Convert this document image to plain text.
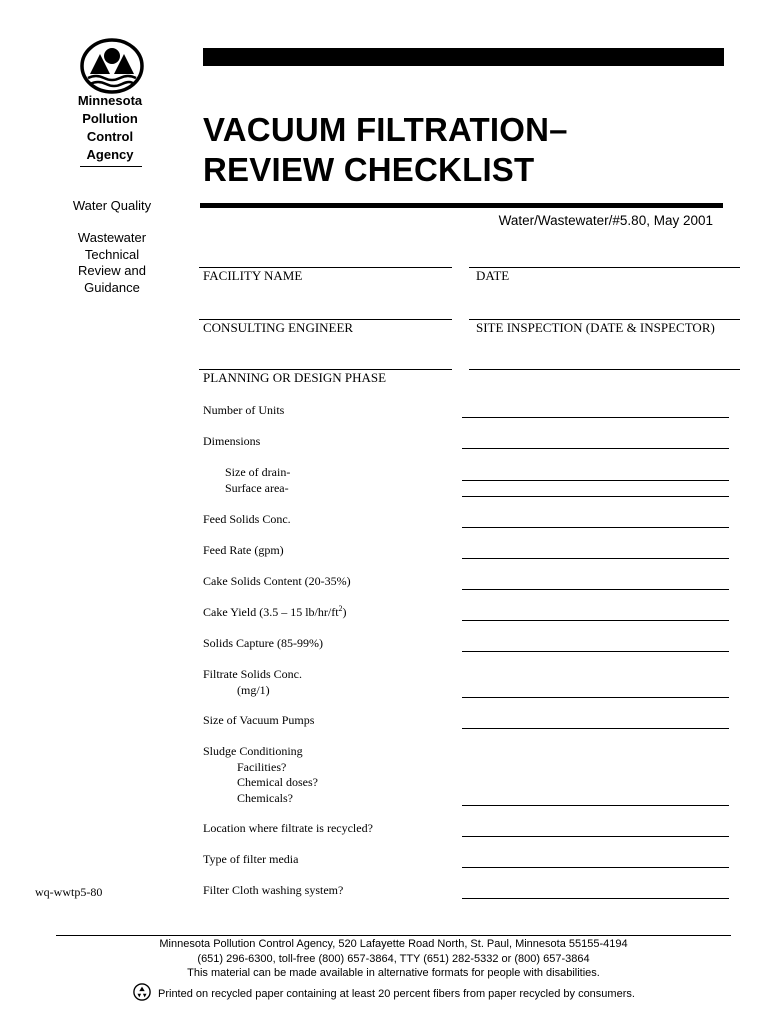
Minnesota
Pollution
Control
Agency
Water Quality
Wastewater
Technical
Review and
Guidance
wq-wwtp5-80
VACUUM FILTRATION–
REVIEW CHECKLIST
Water/Wastewater/#5.80, May 2001
FACILITY NAME	DATE
CONSULTING ENGINEER	SITE INSPECTION (DATE & INSPECTOR)
PLANNING OR DESIGN PHASE
Number of Units
Dimensions
Size of drain-
Surface area-
Feed Solids Conc.
Feed Rate (gpm)
Cake Solids Content (20-35%)
Cake Yield (3.5 – 15 $lb/hr/ft^2$)
Solids Capture (85-99%)
Filtrate Solids Conc.
(mg/1)
Size of Vacuum Pumps
Sludge Conditioning
Facilities?
Chemical doses?
Chemicals?
Location where filtrate is recycled?
Type of filter media
Filter Cloth washing system?
Minnesota Pollution Control Agency, 520 Lafayette Road North, St. Paul, Minnesota 55155-4194
(651) 296-6300, toll-free (800) 657-3864, TTY (651) 282-5332 or (800) 657-3864
This material can be made available in alternative formats for people with disabilities.
Printed on recycled paper containing at least 20 percent fibers from paper recycled by consumers.
